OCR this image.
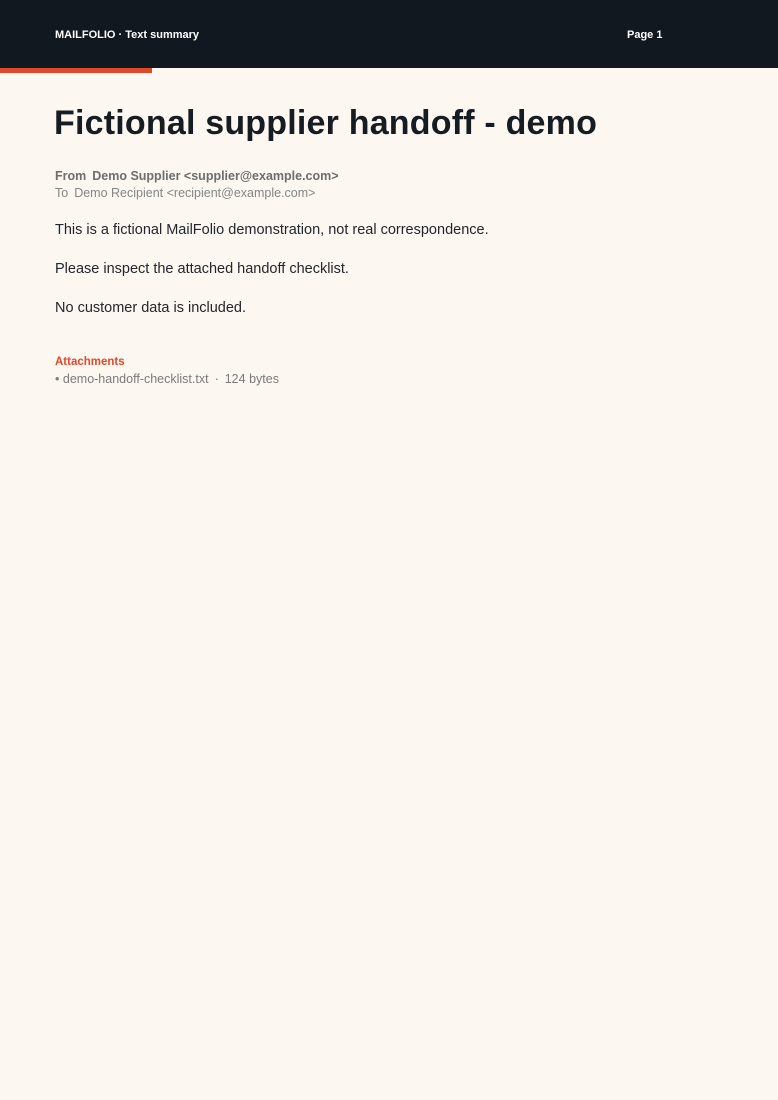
MAILFOLIO · Text summary	Page 1
Fictional supplier handoff - demo
From Demo Supplier <supplier@example.com>
To Demo Recipient <recipient@example.com>

This is a fictional MailFolio demonstration, not real correspondence.

Please inspect the attached handoff checklist.

No customer data is included.

Attachments
• demo-handoff-checklist.txt · 124 bytes
